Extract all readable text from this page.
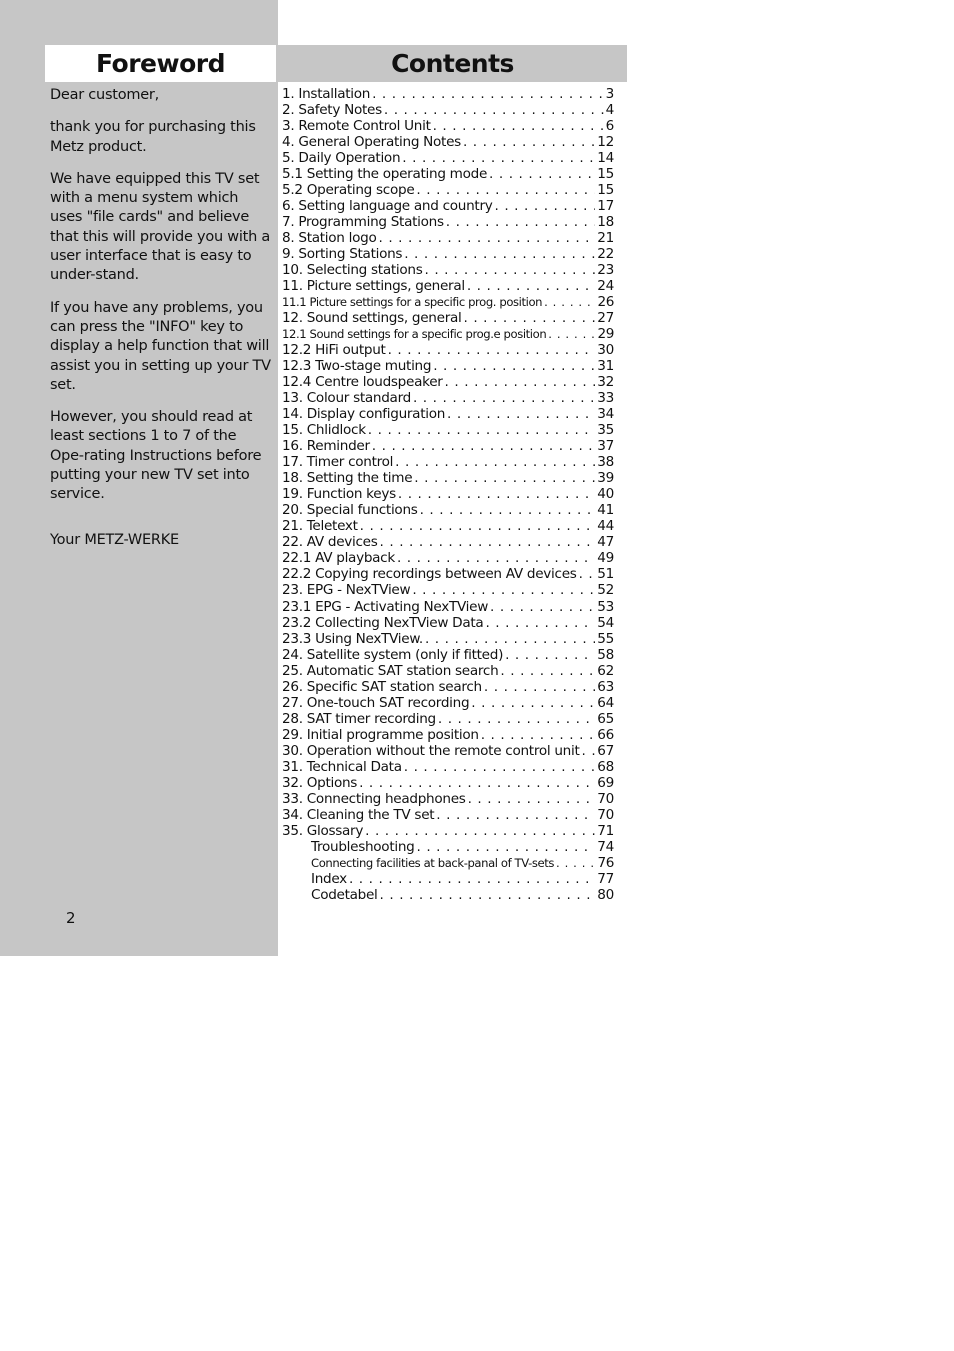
Foreword

Dear customer,

thank you for purchasing this Metz product.

We have equipped this TV set with a menu system which uses "file cards" and believe that this will provide you with a user interface that is easy to under-stand.

If you have any problems, you can press the "INFO" key to display a help function that will assist you in setting up your TV set.

However, you should read at least sections 1 to 7 of the Ope-rating Instructions before putting your new TV set into service.

Your METZ-WERKE
2
Contents
1. Installation . . .	3
2. Safety Notes . . .	4
3. Remote Control Unit . . .	6
4. General Operating Notes . . .	12
5. Daily Operation . . .	14
5.1 Setting the operating mode . . .	15
5.2 Operating scope . . .	15
6. Setting language and country . . .	17
7. Programming Stations . . .	18
8. Station logo . . .	21
9. Sorting Stations . . .	22
10. Selecting stations . . .	23
11. Picture settings, general . . .	24
11.1 Picture settings for a specific prog. position . . .	26
12. Sound settings, general . . .	27
12.1 Sound settings for a specific prog.e position . . .	29
12.2 HiFi output . . .	30
12.3 Two-stage muting . . .	31
12.4 Centre loudspeaker . . .	32
13. Colour standard . . .	33
14. Display configuration . . .	34
15. Chlidlock . . .	35
16. Reminder . . .	37
17. Timer control . . .	38
18. Setting the time . . .	39
19. Function keys . . .	40
20. Special functions . . .	41
21. Teletext . . .	44
22. AV devices . . .	47
22.1 AV playback . . .	49
22.2 Copying recordings between AV devices . . . 51
23. EPG - NexTView . . .	52
23.1 EPG - Activating NexTView . . .	53
23.2 Collecting NexTView Data . . .	54
23.3 Using NexTView. . . .	55
24. Satellite system (only if fitted) . . .	58
25. Automatic SAT station search . . .	62
26. Specific SAT station search . . .	63
27. One-touch SAT recording . . .	64
28. SAT timer recording . . .	65
29. Initial programme position . . .	66
30. Operation without the remote control unit . . . 67
31. Technical Data . . .	68
32. Options . . .	69
33. Connecting headphones . . .	70
34. Cleaning the TV set . . .	70
35. Glossary . . .	71
Troubleshooting . . .	74
Connecting facilities at back-panal of TV-sets . . .	76
Index . . .	77
Codetabel . . .	80
